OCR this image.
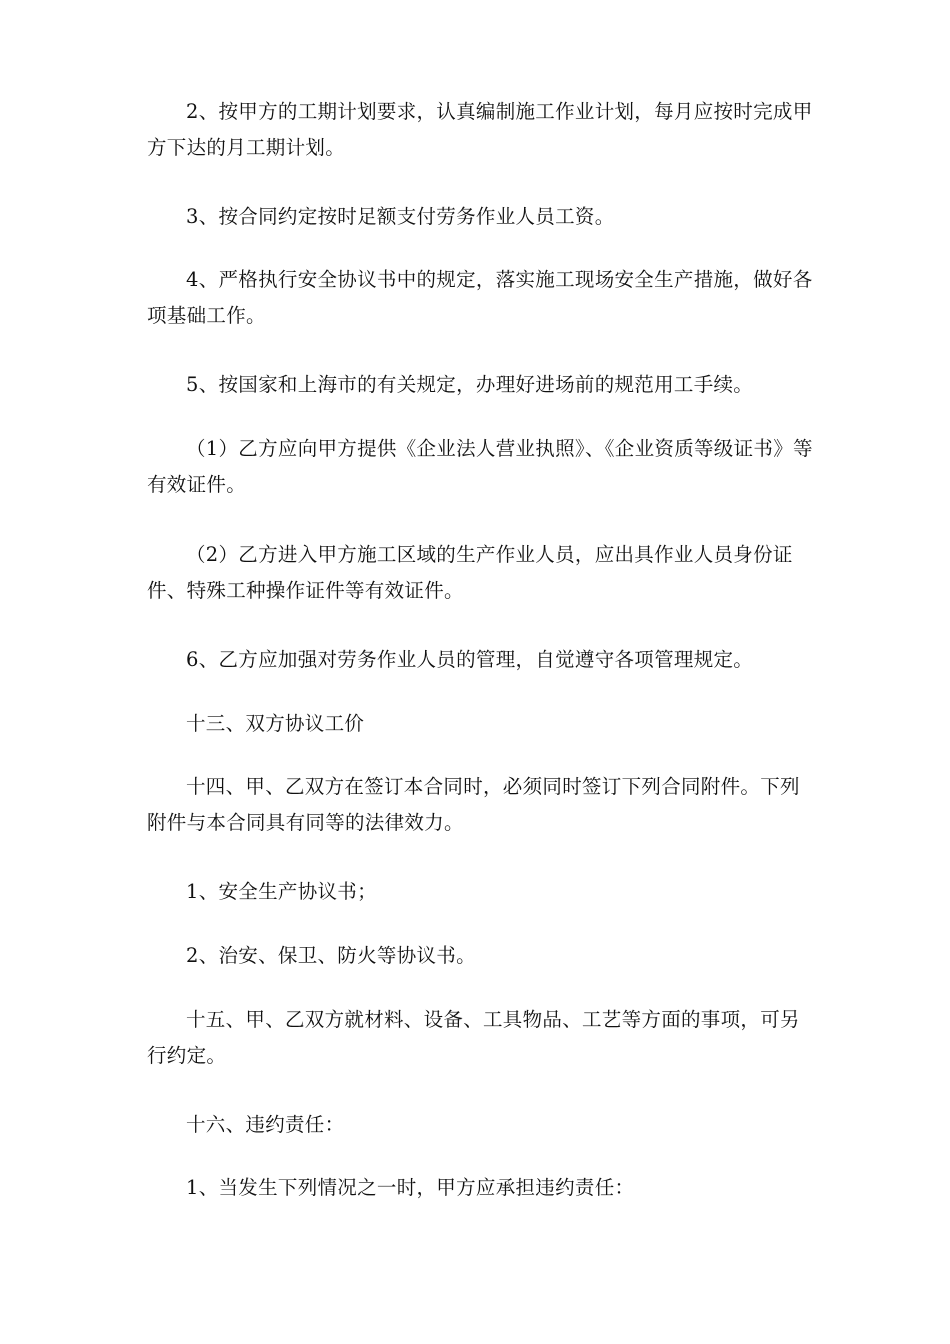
2、按甲方的工期计划要求，认真编制施工作业计划，每月应按时完成甲方下达的月工期计划。

3、按合同约定按时足额支付劳务作业人员工资。

4、严格执行安全协议书中的规定，落实施工现场安全生产措施，做好各项基础工作。

5、按国家和上海市的有关规定，办理好进场前的规范用工手续。

（1）乙方应向甲方提供《企业法人营业执照》、《企业资质等级证书》等有效证件。

（2）乙方进入甲方施工区域的生产作业人员，应出具作业人员身份证件、特殊工种操作证件等有效证件。

6、乙方应加强对劳务作业人员的管理，自觉遵守各项管理规定。

十三、双方协议工价

十四、甲、乙双方在签订本合同时，必须同时签订下列合同附件。下列附件与本合同具有同等的法律效力。

1、安全生产协议书；

2、治安、保卫、防火等协议书。

十五、甲、乙双方就材料、设备、工具物品、工艺等方面的事项，可另行约定。

十六、违约责任：

1、当发生下列情况之一时，甲方应承担违约责任：
